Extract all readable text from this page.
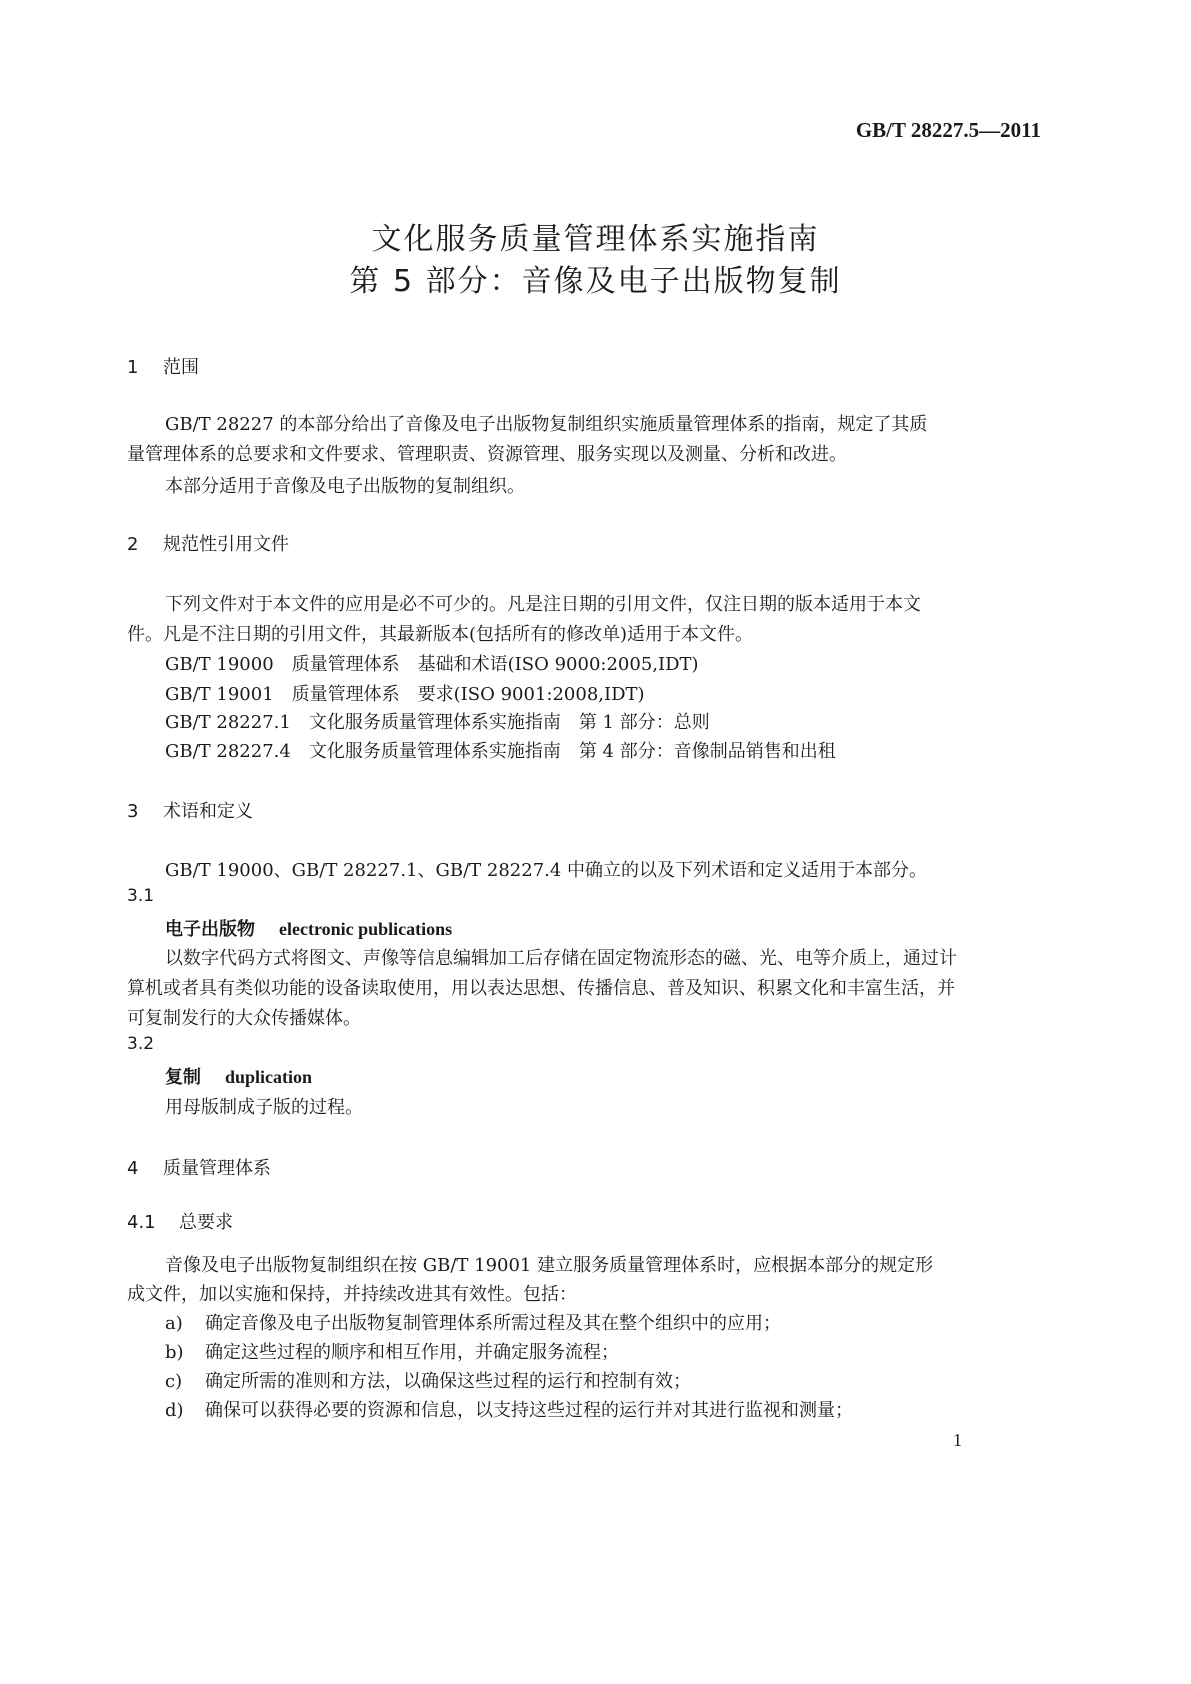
GB/T 28227.5—2011
文化服务质量管理体系实施指南
第 5 部分：音像及电子出版物复制
1 范围
GB/T 28227 的本部分给出了音像及电子出版物复制组织实施质量管理体系的指南，规定了其质
量管理体系的总要求和文件要求、管理职责、资源管理、服务实现以及测量、分析和改进。
本部分适用于音像及电子出版物的复制组织。
2 规范性引用文件
下列文件对于本文件的应用是必不可少的。凡是注日期的引用文件，仅注日期的版本适用于本文
件。凡是不注日期的引用文件，其最新版本(包括所有的修改单)适用于本文件。
GB/T 19000　质量管理体系　基础和术语(ISO 9000:2005,IDT)
GB/T 19001　质量管理体系　要求(ISO 9001:2008,IDT)
GB/T 28227.1　文化服务质量管理体系实施指南　第 1 部分：总则
GB/T 28227.4　文化服务质量管理体系实施指南　第 4 部分：音像制品销售和出租
3 术语和定义
GB/T 19000、GB/T 28227.1、GB/T 28227.4 中确立的以及下列术语和定义适用于本部分。
3.1
电子出版物 electronic publications
以数字代码方式将图文、声像等信息编辑加工后存储在固定物流形态的磁、光、电等介质上，通过计
算机或者具有类似功能的设备读取使用，用以表达思想、传播信息、普及知识、积累文化和丰富生活，并
可复制发行的大众传播媒体。
3.2
复制 duplication
用母版制成子版的过程。
4 质量管理体系
4.1 总要求
音像及电子出版物复制组织在按 GB/T 19001 建立服务质量管理体系时，应根据本部分的规定形
成文件，加以实施和保持，并持续改进其有效性。包括：
a) 确定音像及电子出版物复制管理体系所需过程及其在整个组织中的应用；
b) 确定这些过程的顺序和相互作用，并确定服务流程；
c) 确定所需的准则和方法，以确保这些过程的运行和控制有效；
d) 确保可以获得必要的资源和信息，以支持这些过程的运行并对其进行监视和测量；
1
